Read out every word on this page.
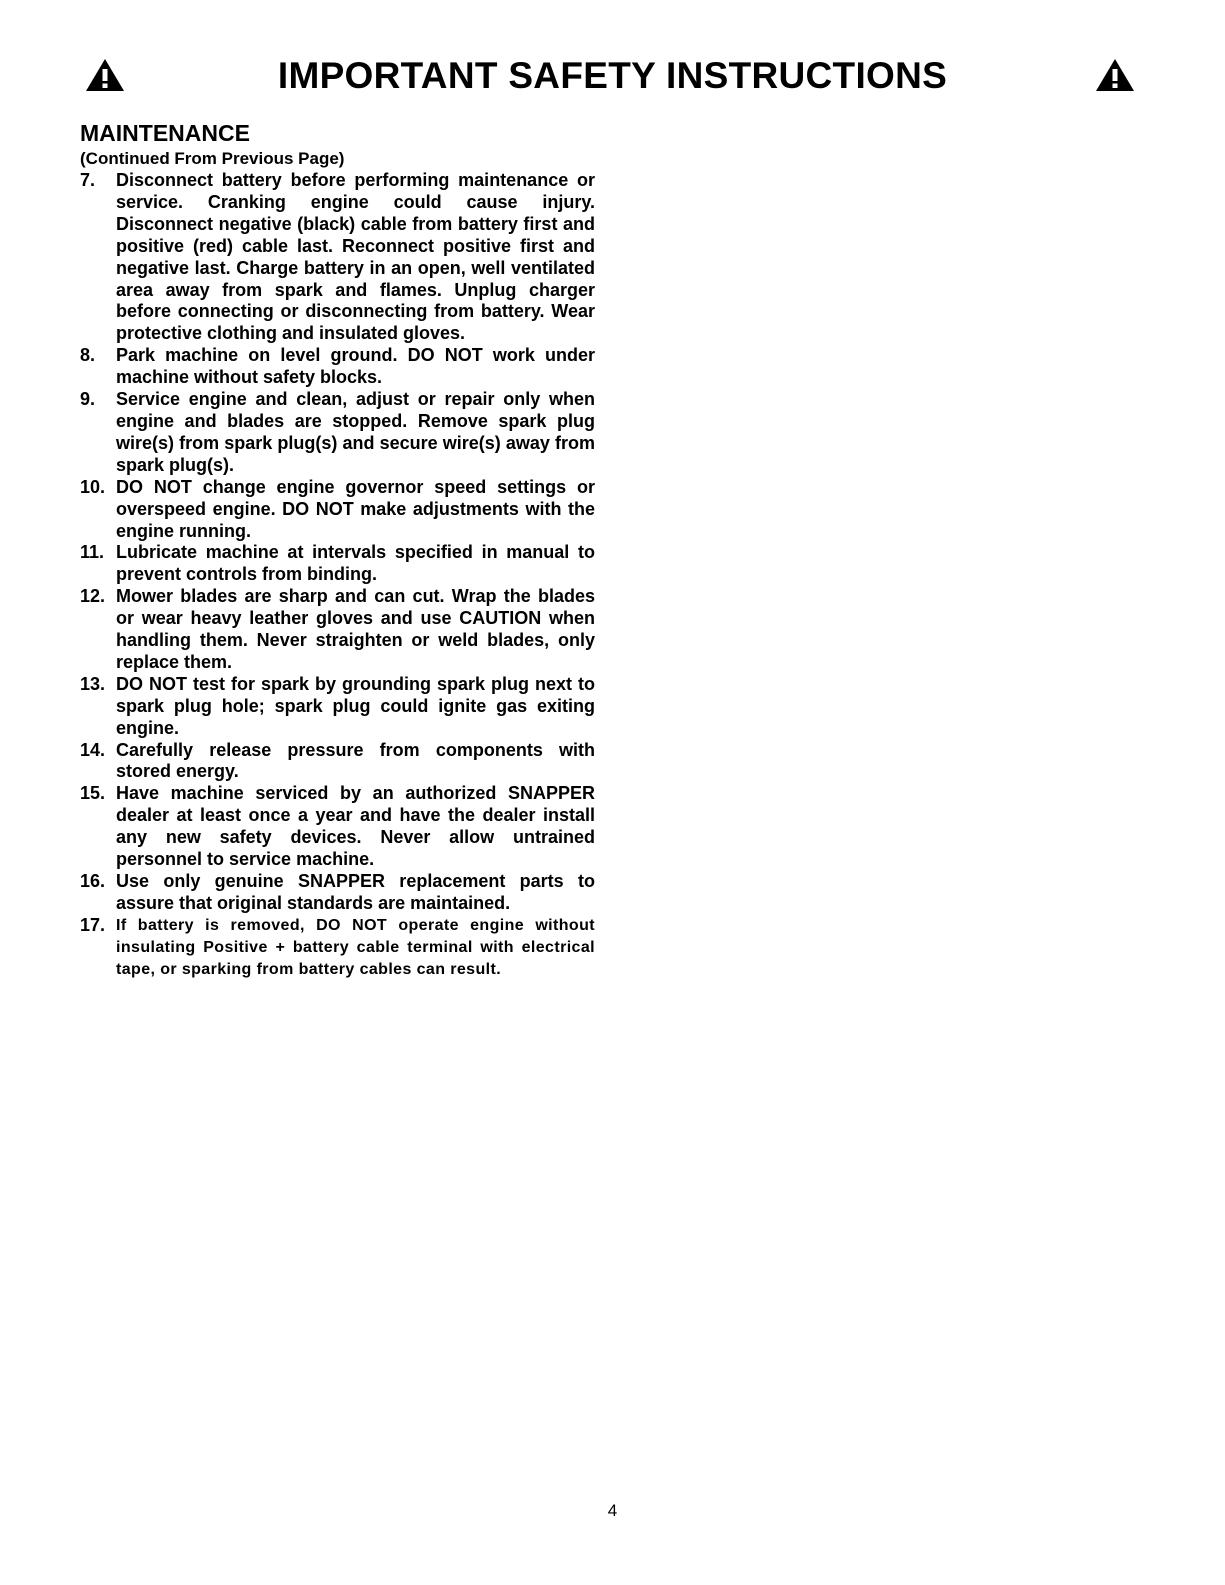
IMPORTANT SAFETY INSTRUCTIONS
MAINTENANCE

(Continued From Previous Page)

7.	Disconnect battery before performing maintenance or service. Cranking engine could cause injury. Disconnect negative (black) cable from battery first and positive (red) cable last. Reconnect positive first and negative last. Charge battery in an open, well ventilated area away from spark and flames. Unplug charger before connecting or disconnecting from battery. Wear protective clothing and insulated gloves.
8.	Park machine on level ground. DO NOT work under machine without safety blocks.
9.	Service engine and clean, adjust or repair only when engine and blades are stopped. Remove spark plug wire(s) from spark plug(s) and secure wire(s) away from spark plug(s).
10. DO NOT change engine governor speed settings or overspeed engine. DO NOT make adjustments with the engine running.
11. Lubricate machine at intervals specified in manual to prevent controls from binding.
12. Mower blades are sharp and can cut. Wrap the blades or wear heavy leather gloves and use CAUTION when handling them. Never straighten or weld blades, only replace them.
13. DO NOT test for spark by grounding spark plug next to spark plug hole; spark plug could ignite gas exiting engine.
14. Carefully release pressure from components with stored energy.
15. Have machine serviced by an authorized SNAPPER dealer at least once a year and have the dealer install any new safety devices. Never allow untrained personnel to service machine.
16. Use only genuine SNAPPER replacement parts to assure that original standards are maintained.
17. If battery is removed, DO NOT operate engine without insulating Positive + battery cable terminal with electrical tape, or sparking from battery cables can result.
4
